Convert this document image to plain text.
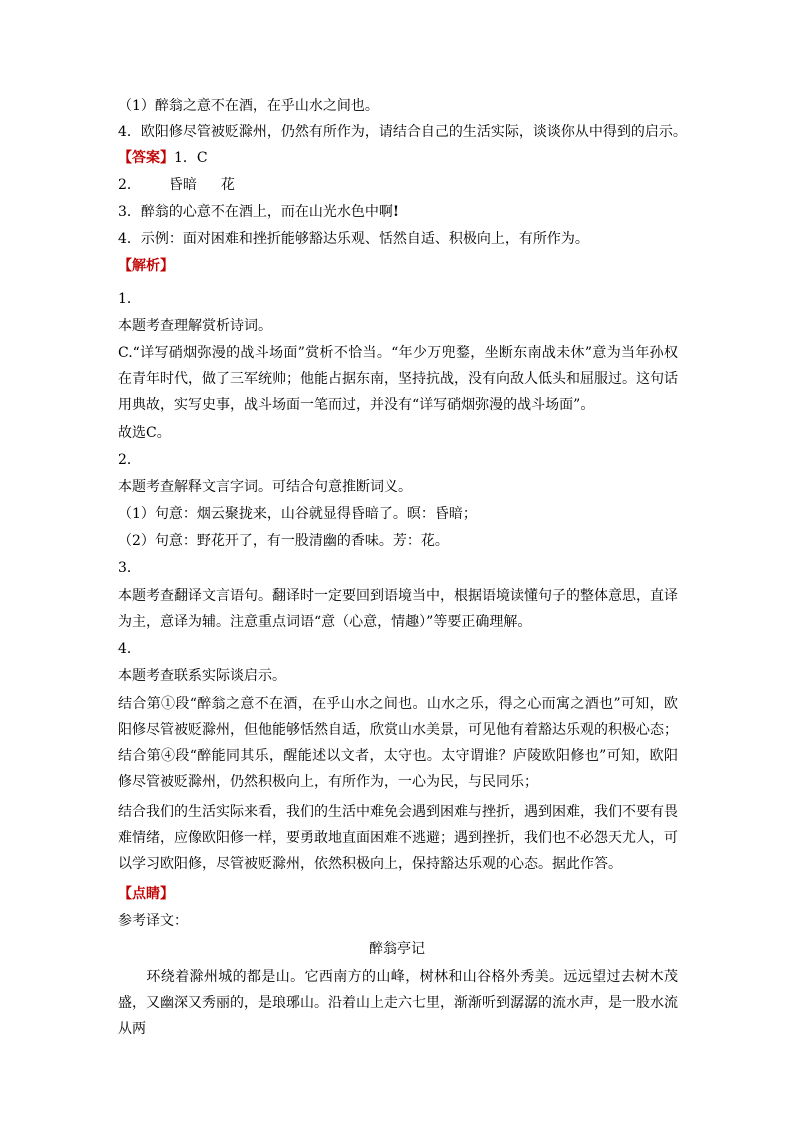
（1）醉翁之意不在酒，在乎山水之间也。
4．欧阳修尽管被贬滁州，仍然有所作为，请结合自己的生活实际，谈谈你从中得到的启示。
【答案】1．C
2． 昏暗 花
3．醉翁的心意不在酒上，而在山光水色中啊!
4．示例：面对困难和挫折能够豁达乐观、恬然自适、积极向上，有所作为。
【解析】
1．
本题考查理解赏析诗词。
C.“详写硝烟弥漫的战斗场面”赏析不恰当。“年少万兜鍪，坐断东南战未休”意为当年孙权在青年时代，做了三军统帅；他能占据东南，坚持抗战，没有向敌人低头和屈服过。这句话用典故，实写史事，战斗场面一笔而过，并没有“详写硝烟弥漫的战斗场面”。
故选C。
2．
本题考查解释文言字词。可结合句意推断词义。
（1）句意：烟云聚拢来，山谷就显得昏暗了。暝：昏暗；
（2）句意：野花开了，有一股清幽的香味。芳：花。
3．
本题考查翻译文言语句。翻译时一定要回到语境当中，根据语境读懂句子的整体意思，直译为主，意译为辅。注意重点词语“意（心意，情趣）”等要正确理解。
4．
本题考查联系实际谈启示。
结合第①段“醉翁之意不在酒，在乎山水之间也。山水之乐，得之心而寓之酒也”可知，欧阳修尽管被贬滁州，但他能够恬然自适，欣赏山水美景，可见他有着豁达乐观的积极心态；结合第④段“醉能同其乐，醒能述以文者，太守也。太守谓谁？庐陵欧阳修也”可知，欧阳修尽管被贬滁州，仍然积极向上，有所作为，一心为民，与民同乐；
结合我们的生活实际来看，我们的生活中难免会遇到困难与挫折，遇到困难，我们不要有畏难情绪，应像欧阳修一样，要勇敢地直面困难不逃避；遇到挫折，我们也不必怨天尤人，可以学习欧阳修，尽管被贬滁州，依然积极向上，保持豁达乐观的心态。据此作答。
【点睛】
参考译文：
醉翁亭记
环绕着滁州城的都是山。它西南方的山峰，树林和山谷格外秀美。远远望过去树木茂盛，又幽深又秀丽的，是琅琊山。沿着山上走六七里，渐渐听到潺潺的流水声，是一股水流从两
